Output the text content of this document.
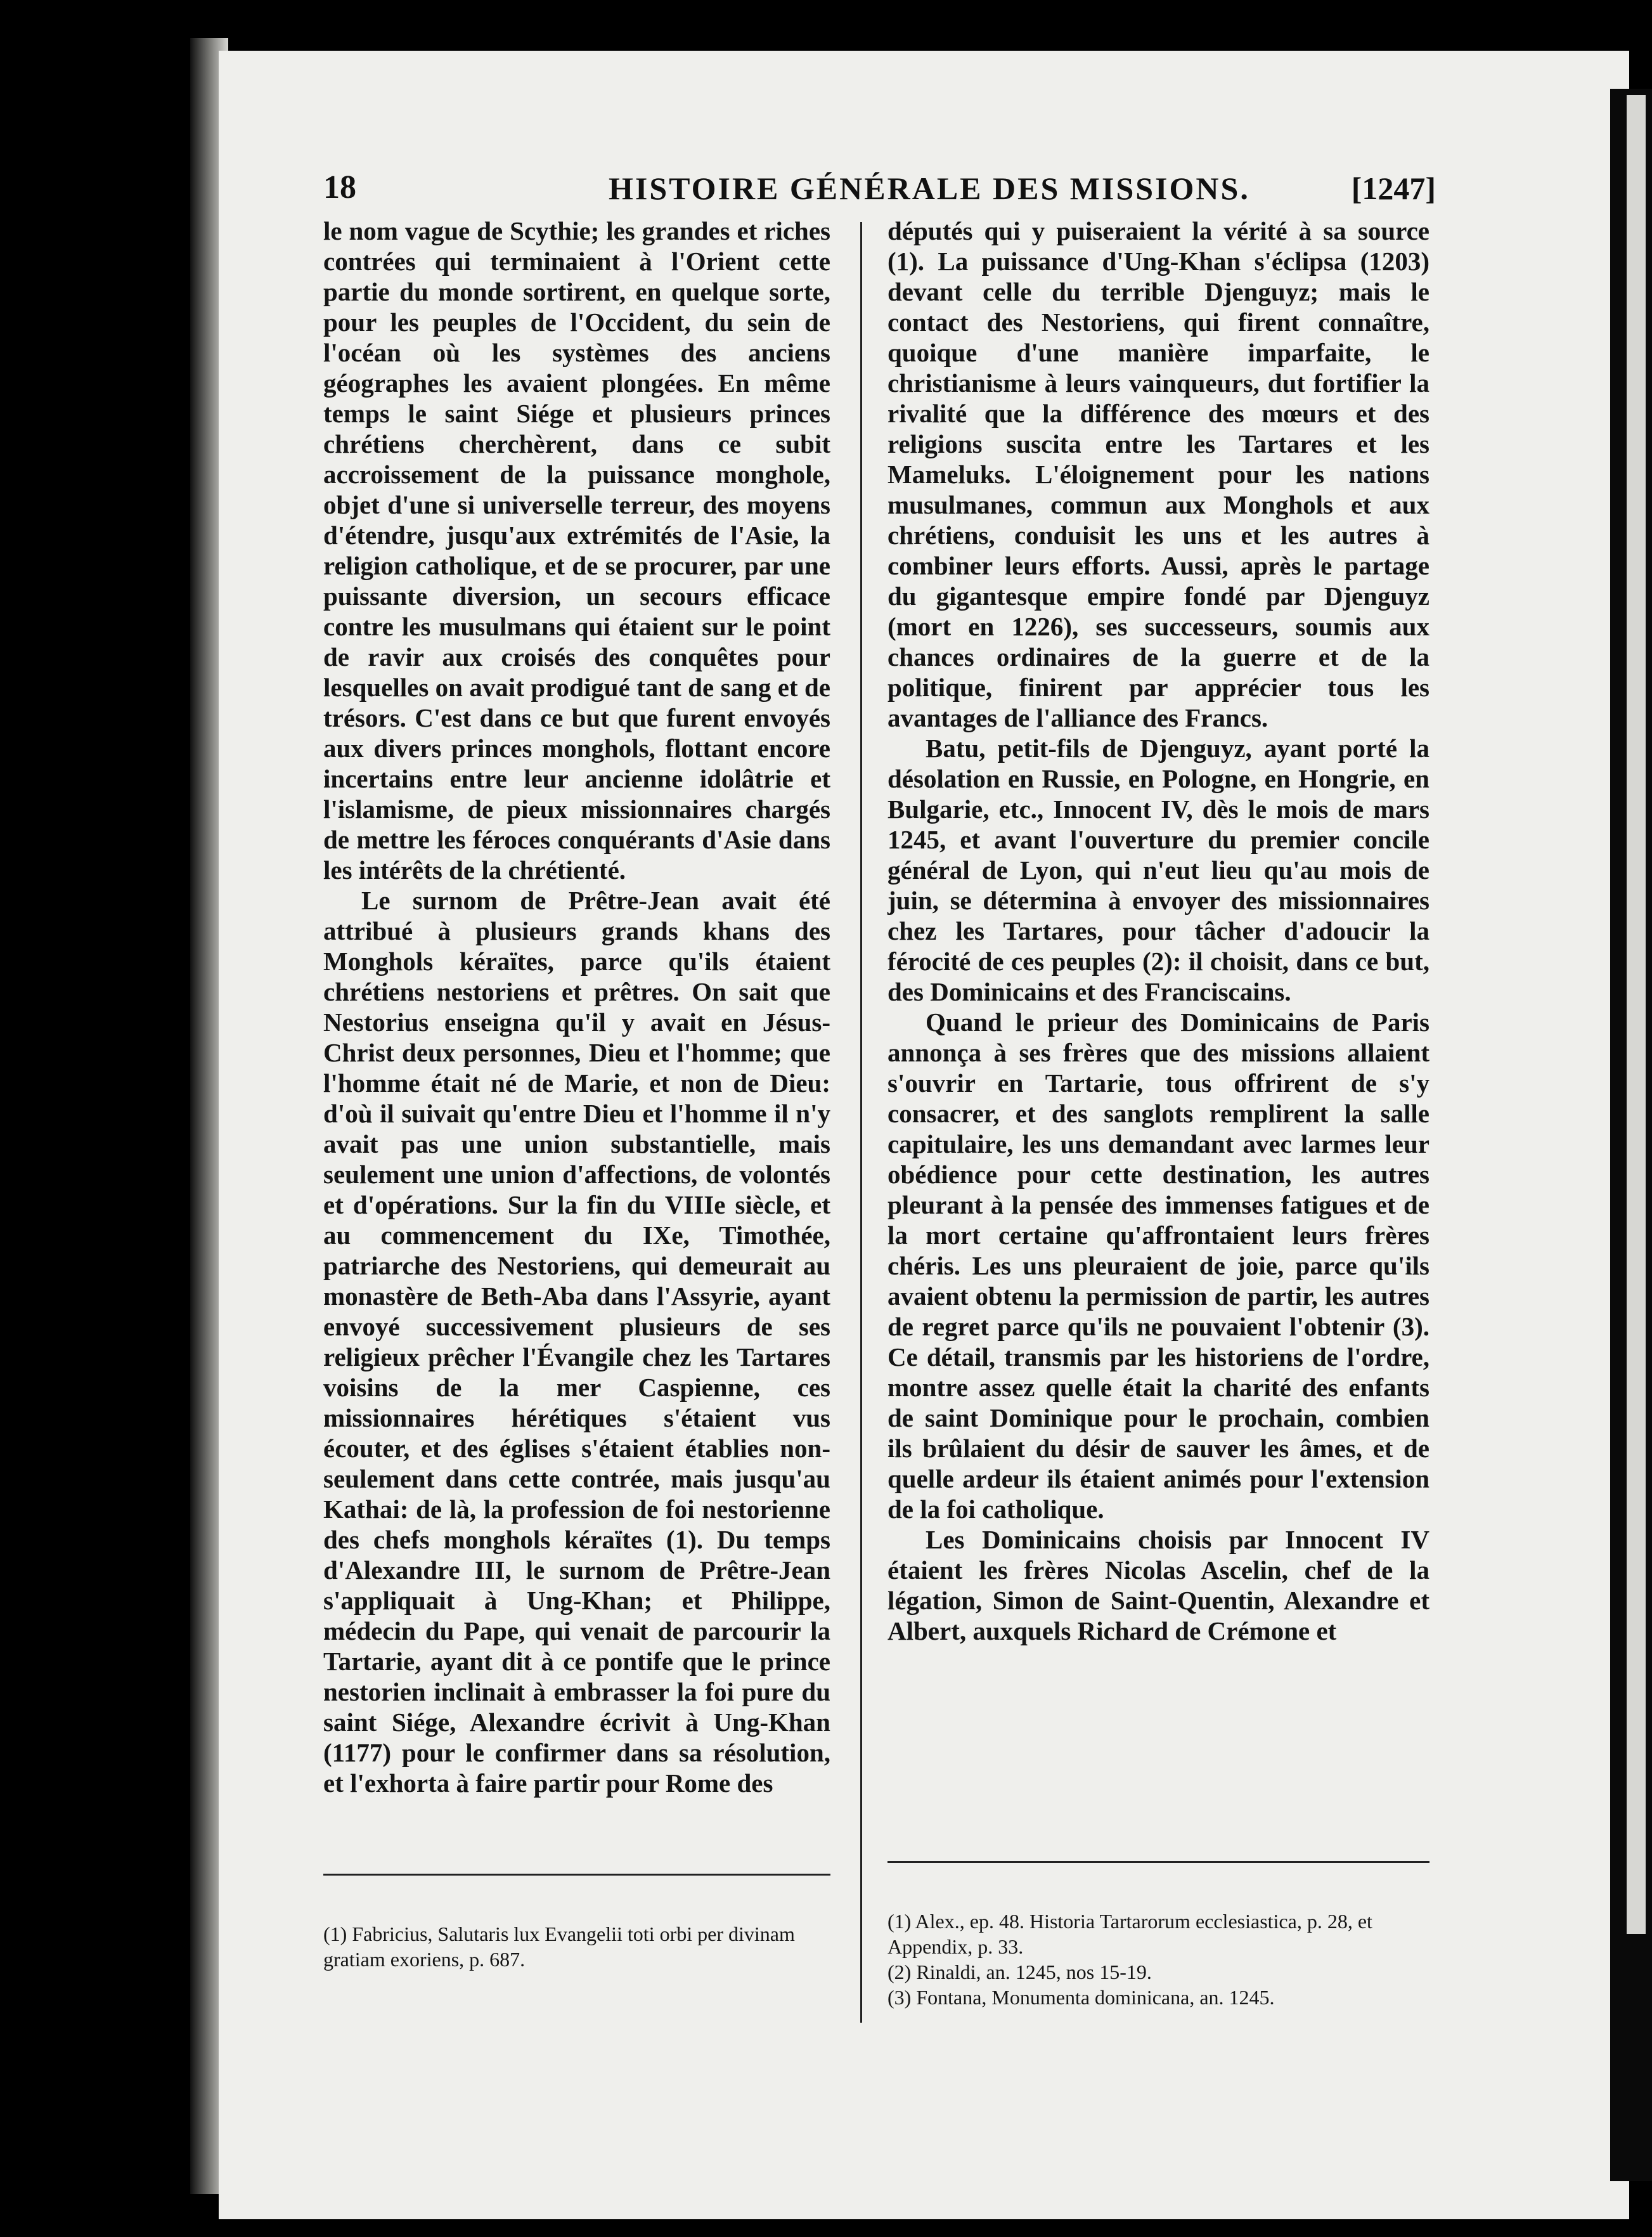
18	HISTOIRE GÉNÉRALE DES MISSIONS.	[1247]

le nom vague de Scythie; les grandes et riches contrées qui terminaient à l'Orient cette partie du monde sortirent, en quelque sorte, pour les peuples de l'Occident, du sein de l'océan où les systèmes des anciens géographes les avaient plongées. En même temps le saint Siége et plusieurs princes chrétiens cherchèrent, dans ce subit accroissement de la puissance monghole, objet d'une si universelle terreur, des moyens d'étendre, jusqu'aux extrémités de l'Asie, la religion catholique, et de se procurer, par une puissante diversion, un secours efficace contre les musulmans qui étaient sur le point de ravir aux croisés des conquêtes pour lesquelles on avait prodigué tant de sang et de trésors. C'est dans ce but que furent envoyés aux divers princes monghols, flottant encore incertains entre leur ancienne idolâtrie et l'islamisme, de pieux missionnaires chargés de mettre les féroces conquérants d'Asie dans les intérêts de la chrétienté.

Le surnom de Prêtre-Jean avait été attribué à plusieurs grands khans des Monghols kéraïtes, parce qu'ils étaient chrétiens nestoriens et prêtres. On sait que Nestorius enseigna qu'il y avait en Jésus-Christ deux personnes, Dieu et l'homme; que l'homme était né de Marie, et non de Dieu: d'où il suivait qu'entre Dieu et l'homme il n'y avait pas une union substantielle, mais seulement une union d'affections, de volontés et d'opérations. Sur la fin du VIIIe siècle, et au commencement du IXe, Timothée, patriarche des Nestoriens, qui demeurait au monastère de Beth-Aba dans l'Assyrie, ayant envoyé successivement plusieurs de ses religieux prêcher l'Évangile chez les Tartares voisins de la mer Caspienne, ces missionnaires hérétiques s'étaient vus écouter, et des églises s'étaient établies non-seulement dans cette contrée, mais jusqu'au Kathai: de là, la profession de foi nestorienne des chefs monghols kéraïtes (1). Du temps d'Alexandre III, le surnom de Prêtre-Jean s'appliquait à Ung-Khan; et Philippe, médecin du Pape, qui venait de parcourir la Tartarie, ayant dit à ce pontife que le prince nestorien inclinait à embrasser la foi pure du saint Siége, Alexandre écrivit à Ung-Khan (1177) pour le confirmer dans sa résolution, et l'exhorta à faire partir pour Rome des

députés qui y puiseraient la vérité à sa source (1). La puissance d'Ung-Khan s'éclipsa (1203) devant celle du terrible Djenguyz; mais le contact des Nestoriens, qui firent connaître, quoique d'une manière imparfaite, le christianisme à leurs vainqueurs, dut fortifier la rivalité que la différence des mœurs et des religions suscita entre les Tartares et les Mameluks. L'éloignement pour les nations musulmanes, commun aux Monghols et aux chrétiens, conduisit les uns et les autres à combiner leurs efforts. Aussi, après le partage du gigantesque empire fondé par Djenguyz (mort en 1226), ses successeurs, soumis aux chances ordinaires de la guerre et de la politique, finirent par apprécier tous les avantages de l'alliance des Francs.

Batu, petit-fils de Djenguyz, ayant porté la désolation en Russie, en Pologne, en Hongrie, en Bulgarie, etc., Innocent IV, dès le mois de mars 1245, et avant l'ouverture du premier concile général de Lyon, qui n'eut lieu qu'au mois de juin, se détermina à envoyer des missionnaires chez les Tartares, pour tâcher d'adoucir la férocité de ces peuples (2): il choisit, dans ce but, des Dominicains et des Franciscains.

Quand le prieur des Dominicains de Paris annonça à ses frères que des missions allaient s'ouvrir en Tartarie, tous offrirent de s'y consacrer, et des sanglots remplirent la salle capitulaire, les uns demandant avec larmes leur obédience pour cette destination, les autres pleurant à la pensée des immenses fatigues et de la mort certaine qu'affrontaient leurs frères chéris. Les uns pleuraient de joie, parce qu'ils avaient obtenu la permission de partir, les autres de regret parce qu'ils ne pouvaient l'obtenir (3). Ce détail, transmis par les historiens de l'ordre, montre assez quelle était la charité des enfants de saint Dominique pour le prochain, combien ils brûlaient du désir de sauver les âmes, et de quelle ardeur ils étaient animés pour l'extension de la foi catholique.

Les Dominicains choisis par Innocent IV étaient les frères Nicolas Ascelin, chef de la légation, Simon de Saint-Quentin, Alexandre et Albert, auxquels Richard de Crémone et

(1) Fabricius, Salutaris lux Evangelii toti orbi per divinam gratiam exoriens, p. 687.

(1) Alex., ep. 48. Historia Tartarorum ecclesiastica, p. 28, et Appendix, p. 33.

(2) Rinaldi, an. 1245, nos 15-19.

(3) Fontana, Monumenta dominicana, an. 1245.
